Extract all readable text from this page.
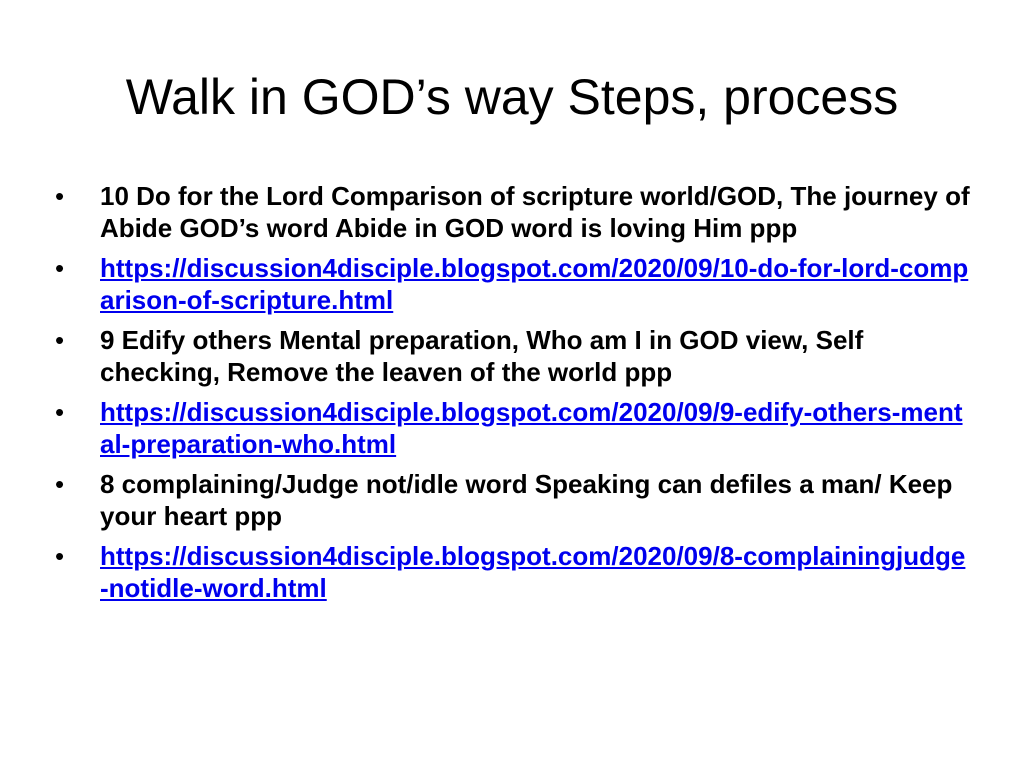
Walk in GOD’s way Steps, process
• 10 Do for the Lord Comparison of scripture world/GOD, The journey of Abide GOD’s word Abide in GOD word is loving Him ppp
• https://discussion4disciple.blogspot.com/2020/09/10-do-for-lord-comparison-of-scripture.html
• 9 Edify others Mental preparation, Who am I in GOD view, Self checking, Remove the leaven of the world ppp
• https://discussion4disciple.blogspot.com/2020/09/9-edify-others-mental-preparation-who.html
• 8 complaining/Judge not/idle word Speaking can defiles a man/ Keep your heart ppp
• https://discussion4disciple.blogspot.com/2020/09/8-complainingjudge-notidle-word.html
